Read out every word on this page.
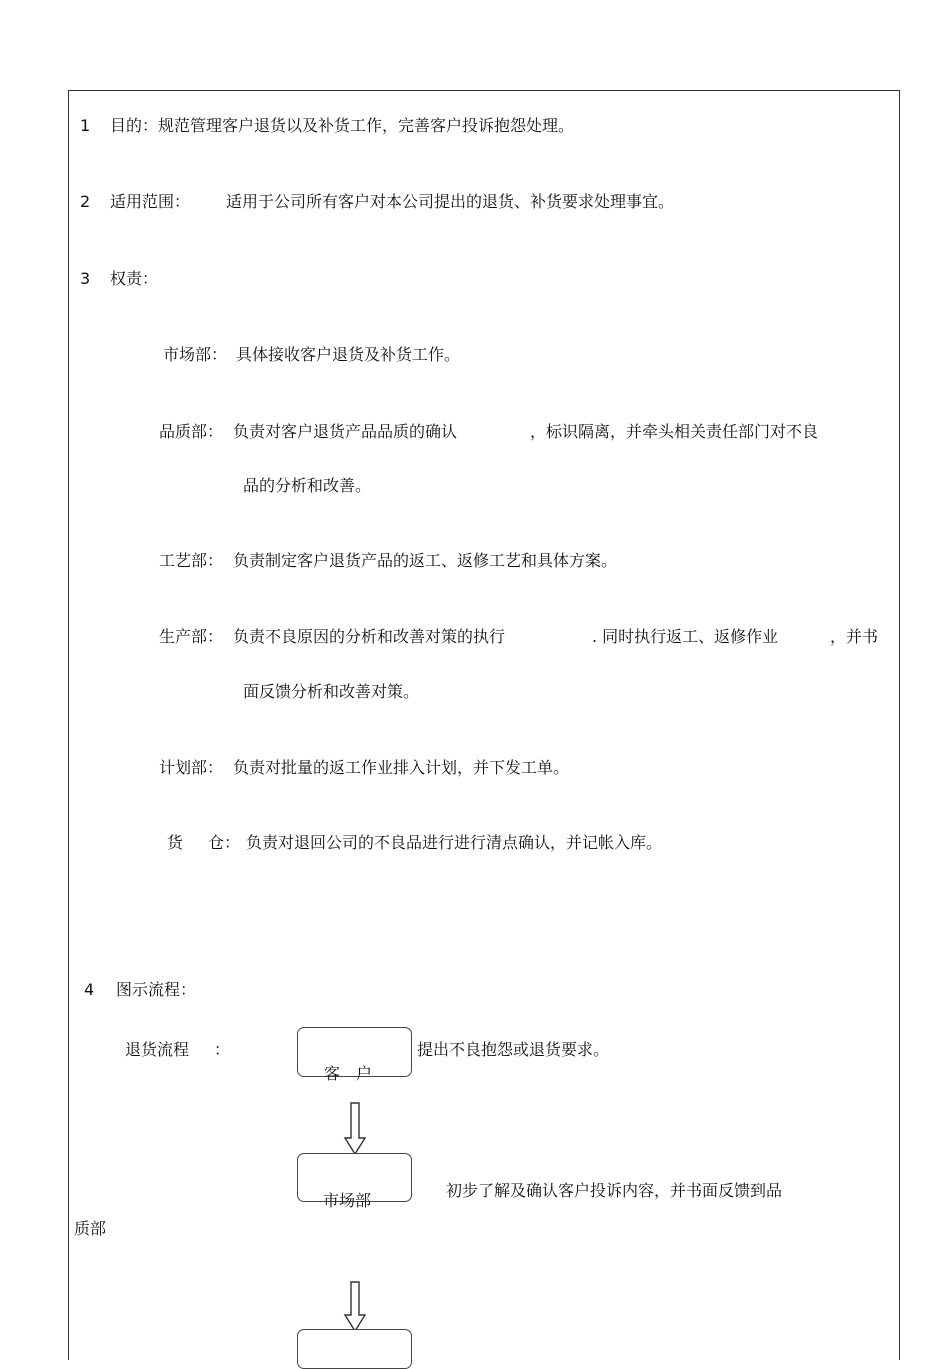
1 目的：规范管理客户退货以及补货工作，完善客户投诉抱怨处理。
2 适用范围： 适用于公司所有客户对本公司提出的退货、补货要求处理事宜。
3 权责：
市场部： 具体接收客户退货及补货工作。
品质部： 负责对客户退货产品品质的确认	，标识隔离，并牵头相关责任部门对不良
品的分析和改善。
工艺部： 负责制定客户退货产品的返工、返修工艺和具体方案。
生产部： 负责不良原因的分析和改善对策的执行	. 同时执行返工、返修作业	，并书
面反馈分析和改善对策。
计划部： 负责对批量的返工作业排入计划，并下发工单。
货 仓： 负责对退回公司的不良品进行进行清点确认，并记帐入库。
4 图示流程：
退货流程 ：
客　户
提出不良抱怨或退货要求。
市场部
初步了解及确认客户投诉内容，并书面反馈到品
质部
